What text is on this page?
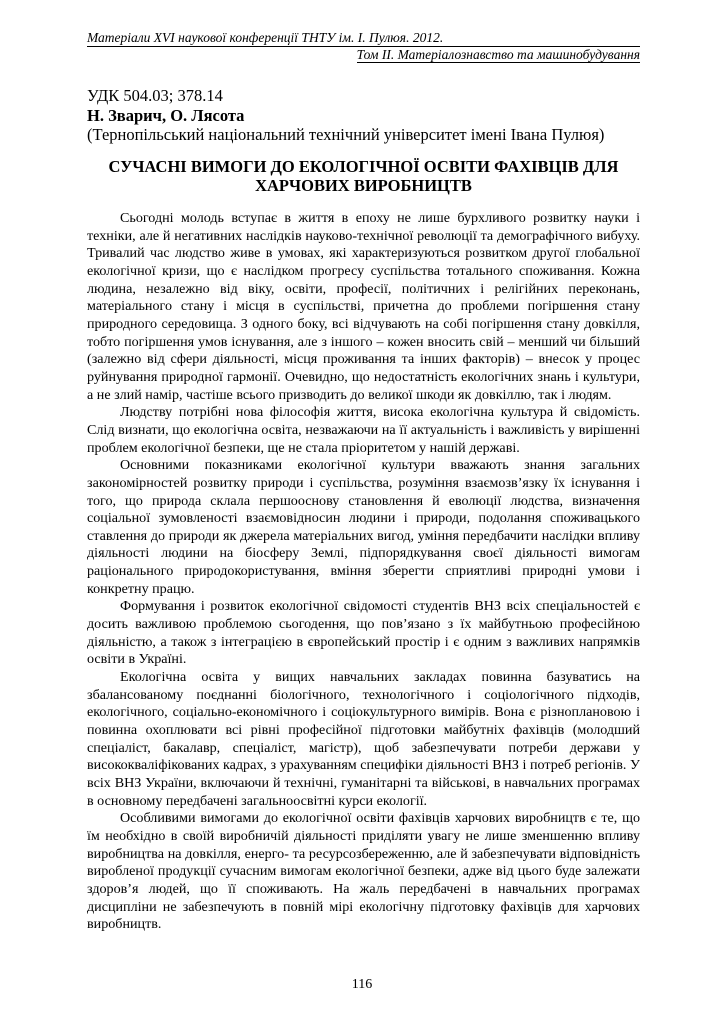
Матеріали XVI наукової конференції ТНТУ ім. І. Пулюя. 2012.
Том II. Матеріалознавство та машинобудування
УДК 504.03; 378.14
Н. Зварич, О. Лясота
(Тернопільський національний технічний університет імені Івана Пулюя)
СУЧАСНІ ВИМОГИ ДО ЕКОЛОГІЧНОЇ ОСВІТИ ФАХІВЦІВ ДЛЯ ХАРЧОВИХ ВИРОБНИЦТВ

Сьогодні молодь вступає в життя в епоху не лише бурхливого розвитку науки і техніки, але й негативних наслідків науково-технічної революції та демографічного вибуху. Тривалий час людство живе в умовах, які характеризуються розвитком другої глобальної екологічної кризи, що є наслідком прогресу суспільства тотального споживання. Кожна людина, незалежно від віку, освіти, професії, політичних і релігійних переконань, матеріального стану і місця в суспільстві, причетна до проблеми погіршення стану природного середовища. З одного боку, всі відчувають на собі погіршення стану довкілля, тобто погіршення умов існування, але з іншого – кожен вносить свій – менший чи більший (залежно від сфери діяльності, місця проживання та інших факторів) – внесок у процес руйнування природної гармонії. Очевидно, що недостатність екологічних знань і культури, а не злий намір, частіше всього призводить до великої шкоди як довкіллю, так і людям.

Людству потрібні нова філософія життя, висока екологічна культура й свідомість. Слід визнати, що екологічна освіта, незважаючи на її актуальність і важливість у вирішенні проблем екологічної безпеки, ще не стала пріоритетом у нашій державі.

Основними показниками екологічної культури вважають знання загальних закономірностей розвитку природи і суспільства, розуміння взаємозв’язку їх існування і того, що природа склала першооснову становлення й еволюції людства, визначення соціальної зумовленості взаємовідносин людини і природи, подолання споживацького ставлення до природи як джерела матеріальних вигод, уміння передбачити наслідки впливу діяльності людини на біосферу Землі, підпорядкування своєї діяльності вимогам раціонального природокористування, вміння зберегти сприятливі природні умови і конкретну працю.

Формування і розвиток екологічної свідомості студентів ВНЗ всіх спеціальностей є досить важливою проблемою сьогодення, що пов’язано з їх майбутньою професійною діяльністю, а також з інтеграцією в європейський простір і є одним з важливих напрямків освіти в Україні.

Екологічна освіта у вищих навчальних закладах повинна базуватись на збалансованому поєднанні біологічного, технологічного і соціологічного підходів, екологічного, соціально-економічного і соціокультурного вимірів. Вона є різноплановою і повинна охоплювати всі рівні професійної підготовки майбутніх фахівців (молодший спеціаліст, бакалавр, спеціаліст, магістр), щоб забезпечувати потреби держави у висококваліфікованих кадрах, з урахуванням специфіки діяльності ВНЗ і потреб регіонів. У всіх ВНЗ України, включаючи й технічні, гуманітарні та військові, в навчальних програмах в основному передбачені загальноосвітні курси екології.

Особливими вимогами до екологічної освіти фахівців харчових виробництв є те, що їм необхідно в своїй виробничій діяльності приділяти увагу не лише зменшенню впливу виробництва на довкілля, енерго- та ресурсозбереженню, але й забезпечувати відповідність виробленої продукції сучасним вимогам екологічної безпеки, адже від цього буде залежати здоров’я людей, що її споживають. На жаль передбачені в навчальних програмах дисципліни не забезпечують в повній мірі екологічну підготовку фахівців для харчових виробництв.

116
